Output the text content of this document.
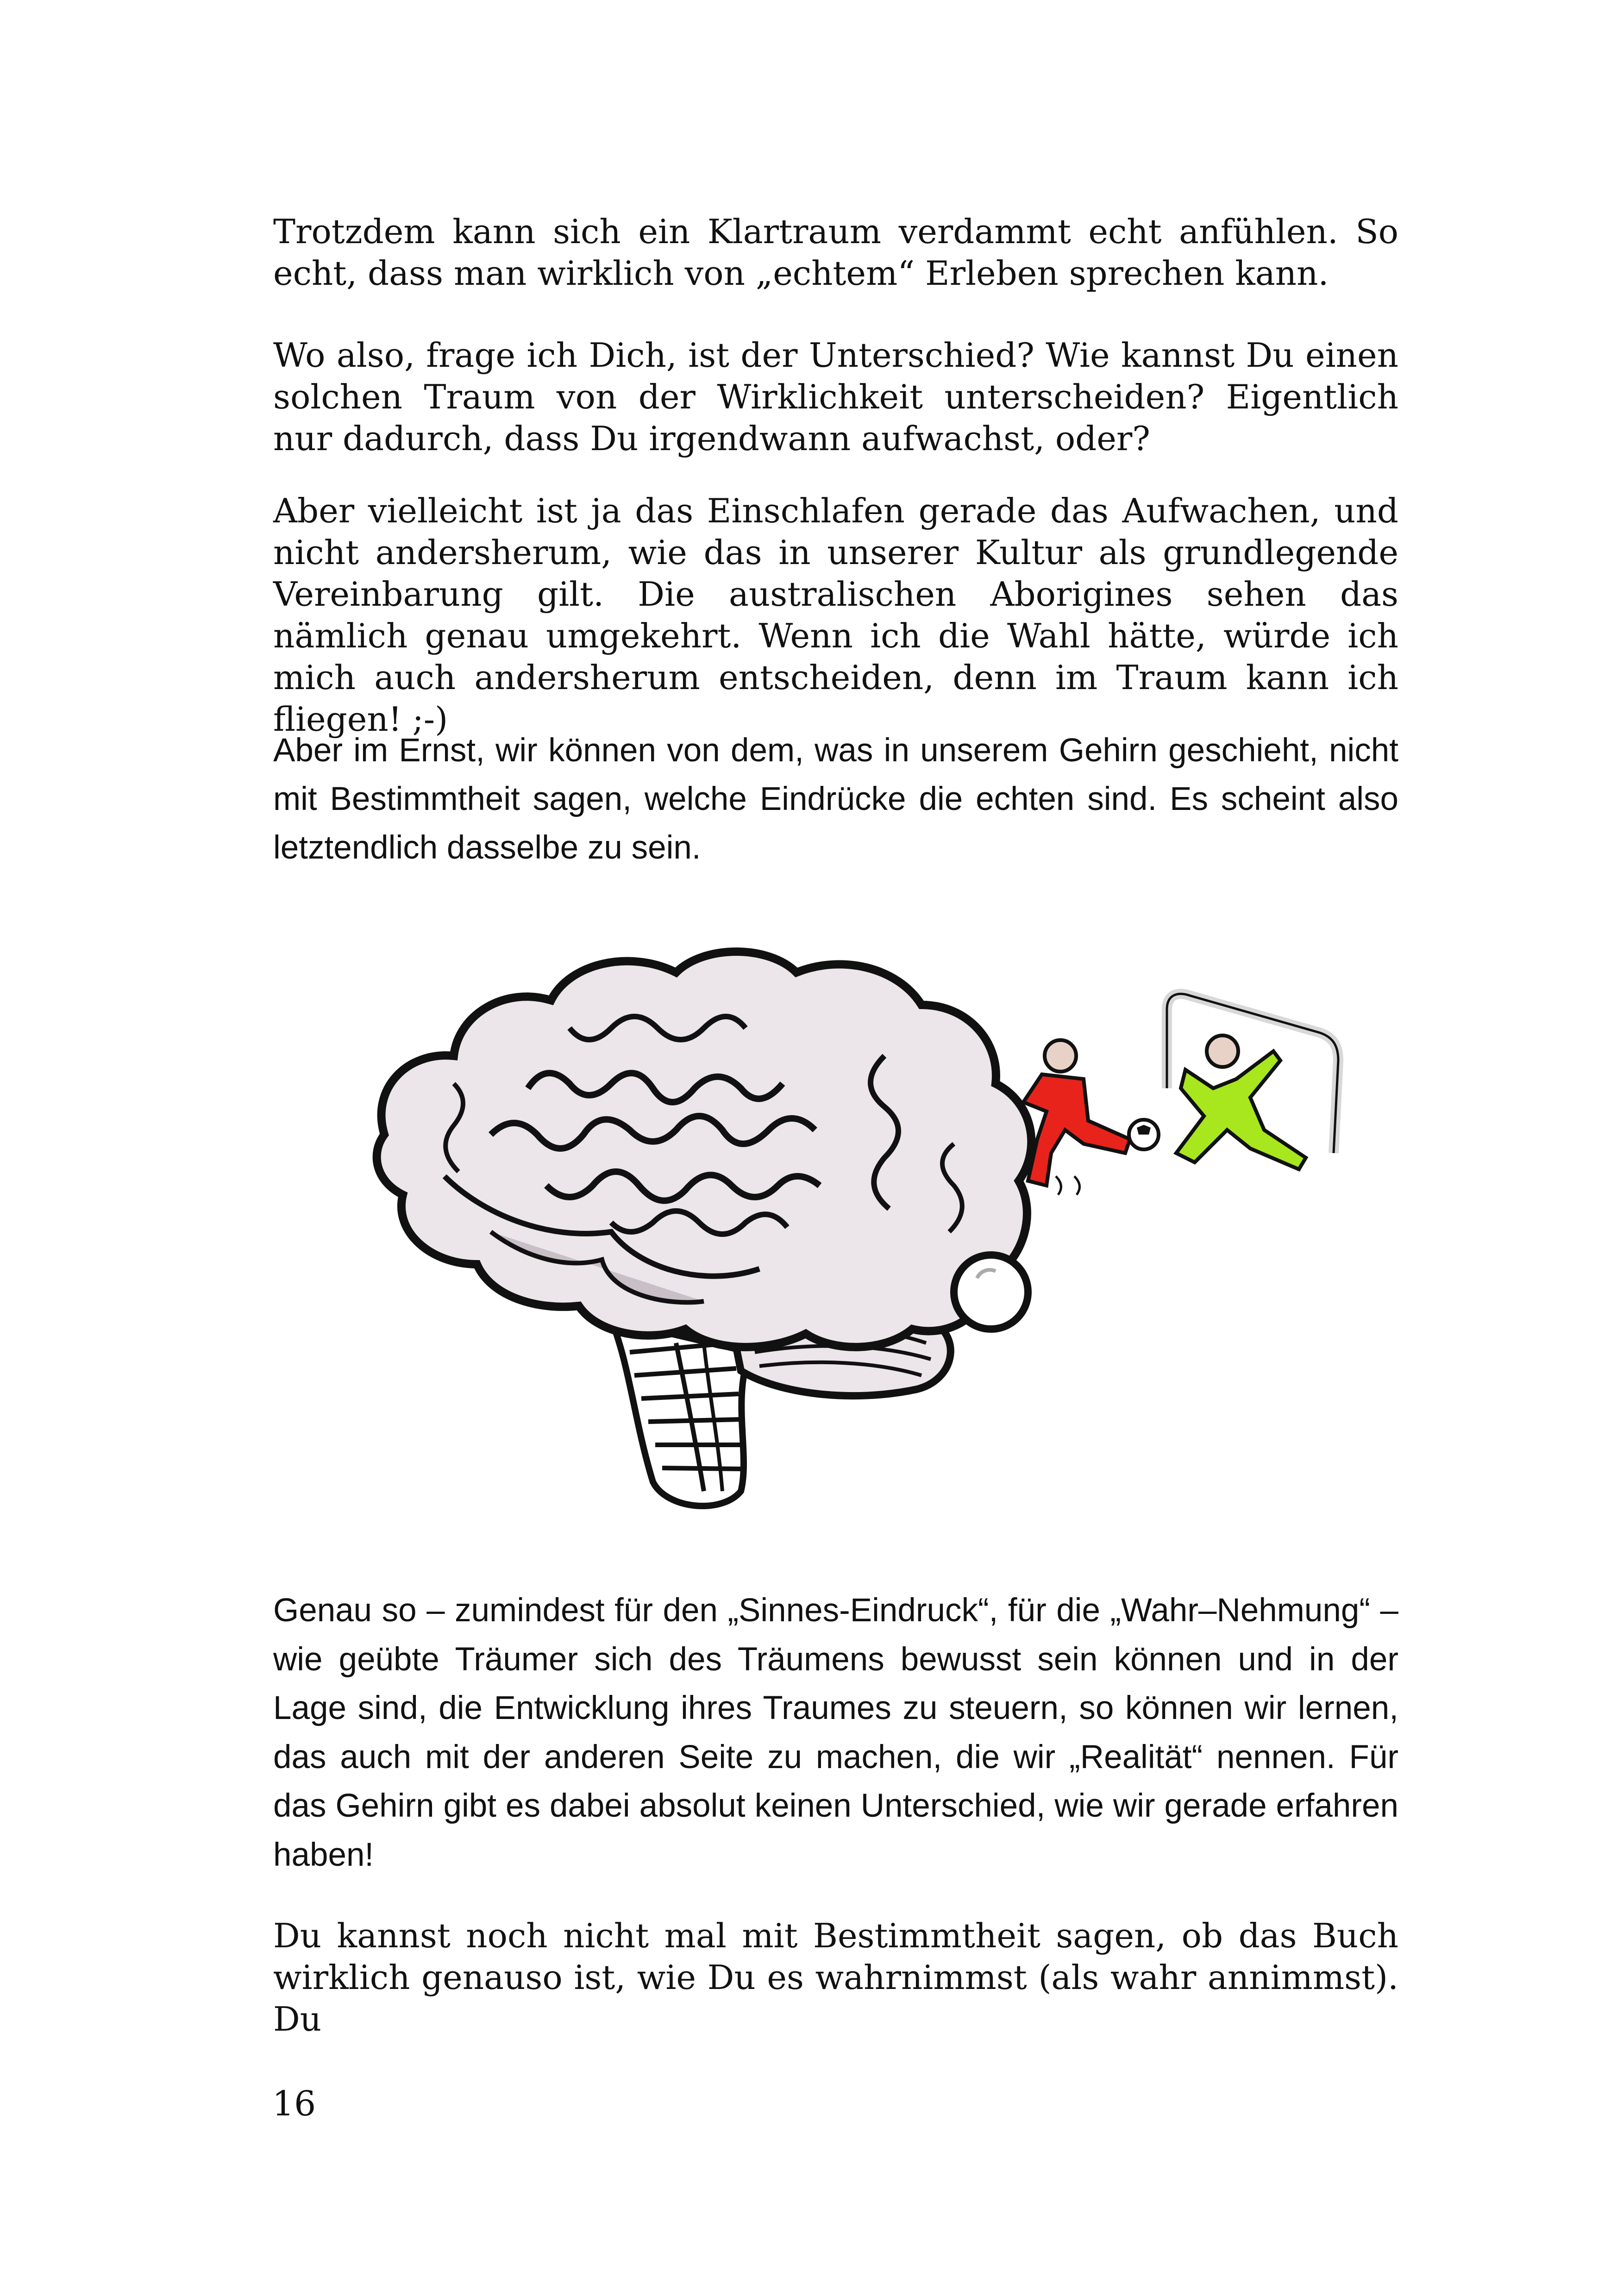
Trotzdem kann sich ein Klartraum verdammt echt anfühlen. So echt, dass man wirklich von „echtem“ Erleben sprechen kann.

Wo also, frage ich Dich, ist der Unterschied? Wie kannst Du einen solchen Traum von der Wirklichkeit unterscheiden? Eigentlich nur dadurch, dass Du irgendwann aufwachst, oder?

Aber vielleicht ist ja das Einschlafen gerade das Aufwachen, und nicht andersherum, wie das in unserer Kultur als grundlegende Vereinbarung gilt. Die australischen Aborigines sehen das nämlich genau umgekehrt. Wenn ich die Wahl hätte, würde ich mich auch andersherum entscheiden, denn im Traum kann ich fliegen! ;-)

Aber im Ernst, wir können von dem, was in unserem Gehirn geschieht, nicht mit Bestimmtheit sagen, welche Eindrücke die echten sind. Es scheint also letztendlich dasselbe zu sein.

Genau so – zumindest für den „Sinnes-Eindruck“, für die „Wahr–Nehmung“ – wie geübte Träumer sich des Träumens bewusst sein können und in der Lage sind, die Entwicklung ihres Traumes zu steuern, so können wir lernen, das auch mit der anderen Seite zu machen, die wir „Realität“ nennen. Für das Gehirn gibt es dabei absolut keinen Unterschied, wie wir gerade erfahren haben!

Du kannst noch nicht mal mit Bestimmtheit sagen, ob das Buch wirklich genauso ist, wie Du es wahrnimmst (als wahr annimmst). Du

16
